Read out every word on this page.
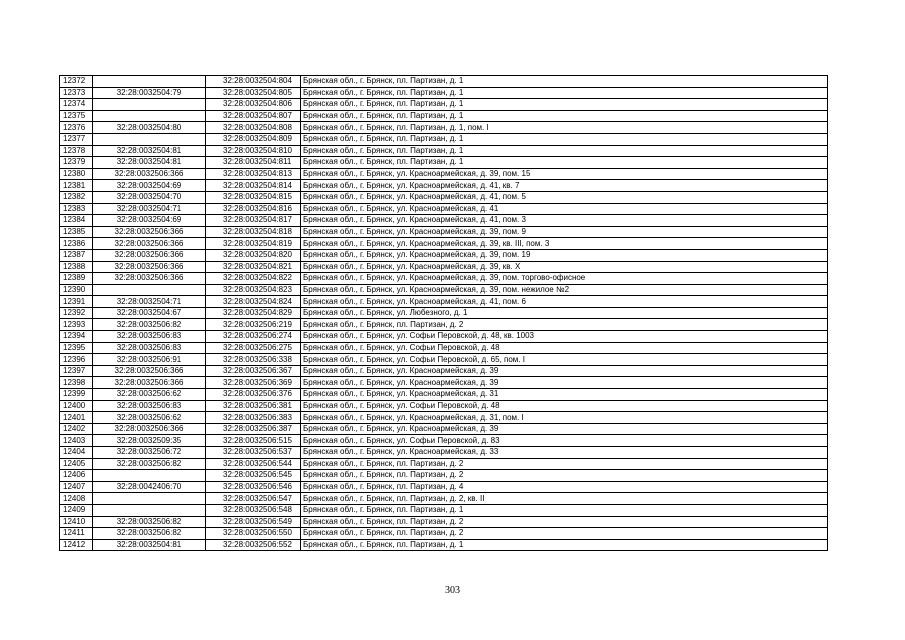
12372		32:28:0032504:804	Брянская обл., г. Брянск, пл. Партизан, д. 1
12373	32:28:0032504:79	32:28:0032504:805	Брянская обл., г. Брянск, пл. Партизан, д. 1
12374		32:28:0032504:806	Брянская обл., г. Брянск, пл. Партизан, д. 1
12375		32:28:0032504:807	Брянская обл., г. Брянск, пл. Партизан, д. 1
12376	32:28:0032504:80	32:28:0032504:808	Брянская обл., г. Брянск, пл. Партизан, д. 1, пом. I
12377		32:28:0032504:809	Брянская обл., г. Брянск, пл. Партизан, д. 1
12378	32:28:0032504:81	32:28:0032504:810	Брянская обл., г. Брянск, пл. Партизан, д. 1
12379	32:28:0032504:81	32:28:0032504:811	Брянская обл., г. Брянск, пл. Партизан, д. 1
12380	32:28:0032506:366	32:28:0032504:813	Брянская обл., г. Брянск, ул. Красноармейская, д. 39, пом. 15
12381	32:28:0032504:69	32:28:0032504:814	Брянская обл., г. Брянск, ул. Красноармейская, д. 41, кв. 7
12382	32:28:0032504:70	32:28:0032504:815	Брянская обл., г. Брянск, ул. Красноармейская, д. 41, пом. 5
12383	32:28:0032504:71	32:28:0032504:816	Брянская обл., г. Брянск, ул. Красноармейская, д. 41
12384	32:28:0032504:69	32:28:0032504:817	Брянская обл., г. Брянск, ул. Красноармейская, д. 41, пом. 3
12385	32:28:0032506:366	32:28:0032504:818	Брянская обл., г. Брянск, ул. Красноармейская, д. 39, пом. 9
12386	32:28:0032506:366	32:28:0032504:819	Брянская обл., г. Брянск, ул. Красноармейская, д. 39, кв. III, пом. 3
12387	32:28:0032506:366	32:28:0032504:820	Брянская обл., г. Брянск, ул. Красноармейская, д. 39, пом. 19
12388	32:28:0032506:366	32:28:0032504:821	Брянская обл., г. Брянск, ул. Красноармейская, д. 39, кв. X
12389	32:28:0032506:366	32:28:0032504:822	Брянская обл., г. Брянск, ул. Красноармейская, д. 39, пом. торгово-офисное
12390		32:28:0032504:823	Брянская обл., г. Брянск, ул. Красноармейская, д. 39, пом. нежилое №2
12391	32:28:0032504:71	32:28:0032504:824	Брянская обл., г. Брянск, ул. Красноармейская, д. 41, пом. 6
12392	32:28:0032504:67	32:28:0032504:829	Брянская обл., г. Брянск, ул. Любезного, д. 1
12393	32:28:0032506:82	32:28:0032506:219	Брянская обл., г. Брянск, пл. Партизан, д. 2
12394	32:28:0032506:83	32:28:0032506:274	Брянская обл., г. Брянск, ул. Софьи Перовской, д. 48, кв. 1003
12395	32:28:0032506:83	32:28:0032506:275	Брянская обл., г. Брянск, ул. Софьи Перовской, д. 48
12396	32:28:0032506:91	32:28:0032506:338	Брянская обл., г. Брянск, ул. Софьи Перовской, д. 65, пом. I
12397	32:28:0032506:366	32:28:0032506:367	Брянская обл., г. Брянск, ул. Красноармейская, д. 39
12398	32:28:0032506:366	32:28:0032506:369	Брянская обл., г. Брянск, ул. Красноармейская, д. 39
12399	32:28:0032506:62	32:28:0032506:376	Брянская обл., г. Брянск, ул. Красноармейская, д. 31
12400	32:28:0032506:83	32:28:0032506:381	Брянская обл., г. Брянск, ул. Софьи Перовской, д. 48
12401	32:28:0032506:62	32:28:0032506:383	Брянская обл., г. Брянск, ул. Красноармейская, д. 31, пом. I
12402	32:28:0032506:366	32:28:0032506:387	Брянская обл., г. Брянск, ул. Красноармейская, д. 39
12403	32:28:0032509:35	32:28:0032506:515	Брянская обл., г. Брянск, ул. Софьи Перовской, д. 83
12404	32:28:0032506:72	32:28:0032506:537	Брянская обл., г. Брянск, ул. Красноармейская, д. 33
12405	32:28:0032506:82	32:28:0032506:544	Брянская обл., г. Брянск, пл. Партизан, д. 2
12406		32:28:0032506:545	Брянская обл., г. Брянск, пл. Партизан, д. 2
12407	32:28:0042406:70	32:28:0032506:546	Брянская обл., г. Брянск, пл. Партизан, д. 4
12408		32:28:0032506:547	Брянская обл., г. Брянск, пл. Партизан, д. 2, кв. II
12409		32:28:0032506:548	Брянская обл., г. Брянск, пл. Партизан, д. 1
12410	32:28:0032506:82	32:28:0032506:549	Брянская обл., г. Брянск, пл. Партизан, д. 2
12411	32:28:0032506:82	32:28:0032506:550	Брянская обл., г. Брянск, пл. Партизан, д. 2
12412	32:28:0032504:81	32:28:0032506:552	Брянская обл., г. Брянск, пл. Партизан, д. 1
303
